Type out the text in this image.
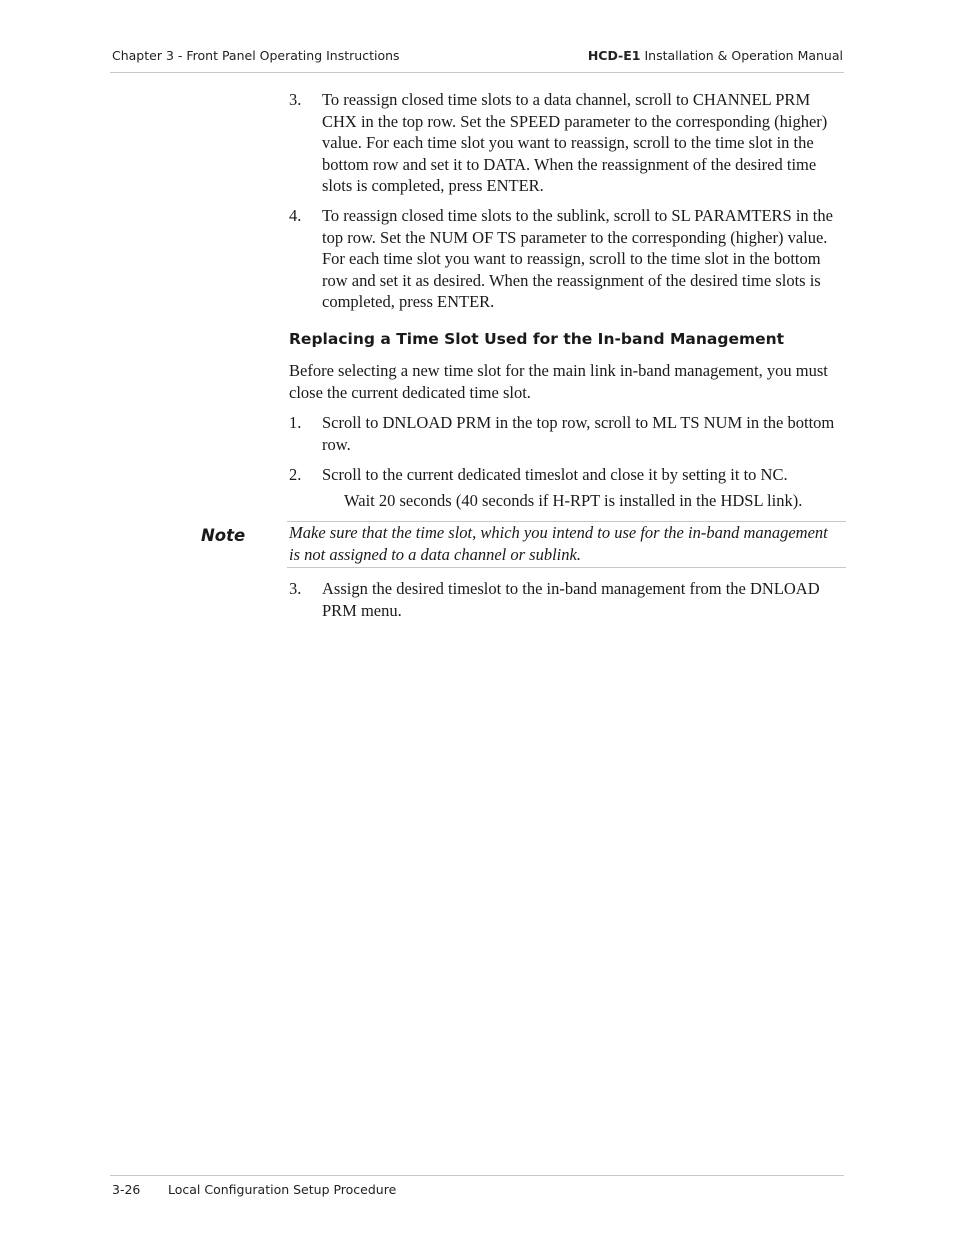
Chapter 3 - Front Panel Operating Instructions	HCD-E1 Installation & Operation Manual
3. To reassign closed time slots to a data channel, scroll to CHANNEL PRM CHX in the top row. Set the SPEED parameter to the corresponding (higher) value. For each time slot you want to reassign, scroll to the time slot in the bottom row and set it to DATA. When the reassignment of the desired time slots is completed, press ENTER.
4. To reassign closed time slots to the sublink, scroll to SL PARAMTERS in the top row. Set the NUM OF TS parameter to the corresponding (higher) value. For each time slot you want to reassign, scroll to the time slot in the bottom row and set it as desired. When the reassignment of the desired time slots is completed, press ENTER.
Replacing a Time Slot Used for the In-band Management
Before selecting a new time slot for the main link in-band management, you must close the current dedicated time slot.
1. Scroll to DNLOAD PRM in the top row, scroll to ML TS NUM in the bottom row.
2. Scroll to the current dedicated timeslot and close it by setting it to NC.
Wait 20 seconds (40 seconds if H-RPT is installed in the HDSL link).
Note	Make sure that the time slot, which you intend to use for the in-band management is not assigned to a data channel or sublink.
3. Assign the desired timeslot to the in-band management from the DNLOAD PRM menu.
3-26 Local Configuration Setup Procedure
